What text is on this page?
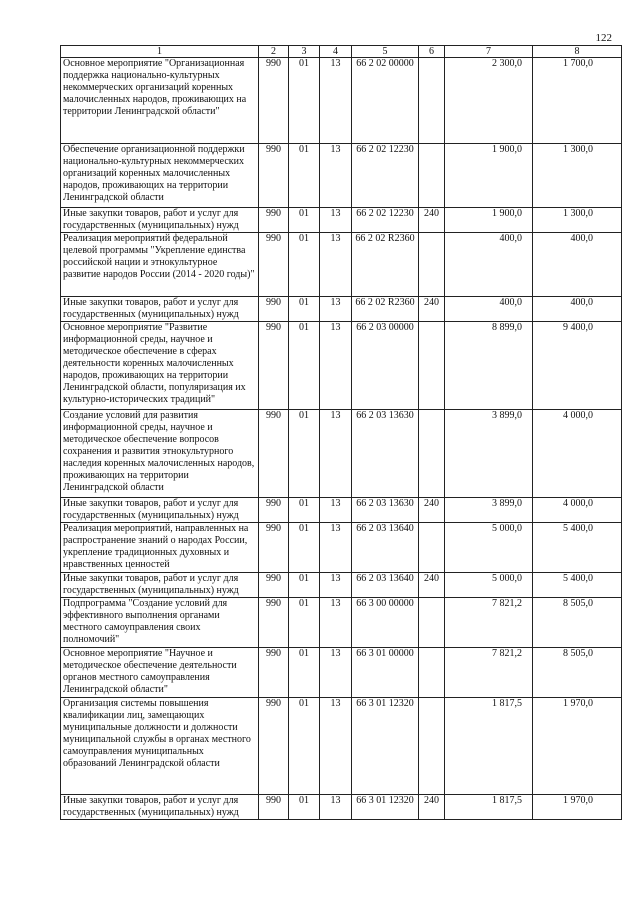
122
1	2	3	4	5	6	7	8
Основное мероприятие "Организационная поддержка национально-культурных некоммерческих организаций коренных малочисленных народов, проживающих на территории Ленинградской области"	990	01	13	66 2 02 00000		2 300,0	1 700,0
Обеспечение организационной поддержки национально-культурных некоммерческих организаций коренных малочисленных народов, проживающих на территории Ленинградской области	990	01	13	66 2 02 12230		1 900,0	1 300,0
Иные закупки товаров, работ и услуг для государственных (муниципальных) нужд	990	01	13	66 2 02 12230	240	1 900,0	1 300,0
Реализация мероприятий федеральной целевой программы "Укрепление единства российской нации и этнокультурное развитие народов России (2014 - 2020 годы)"	990	01	13	66 2 02 R2360		400,0	400,0
Иные закупки товаров, работ и услуг для государственных (муниципальных) нужд	990	01	13	66 2 02 R2360	240	400,0	400,0
Основное мероприятие "Развитие информационной среды, научное и методическое обеспечение в сферах деятельности коренных малочисленных народов, проживающих на территории Ленинградской области, популяризация их культурно-исторических традиций"	990	01	13	66 2 03 00000		8 899,0	9 400,0
Создание условий для развития информационной среды, научное и методическое обеспечение вопросов сохранения и развития этнокультурного наследия коренных малочисленных народов, проживающих на территории Ленинградской области	990	01	13	66 2 03 13630		3 899,0	4 000,0
Иные закупки товаров, работ и услуг для государственных (муниципальных) нужд	990	01	13	66 2 03 13630	240	3 899,0	4 000,0
Реализация мероприятий, направленных на распространение знаний о народах России, укрепление традиционных духовных и нравственных ценностей	990	01	13	66 2 03 13640		5 000,0	5 400,0
Иные закупки товаров, работ и услуг для государственных (муниципальных) нужд	990	01	13	66 2 03 13640	240	5 000,0	5 400,0
Подпрограмма "Создание условий для эффективного выполнения органами местного самоуправления своих полномочий"	990	01	13	66 3 00 00000		7 821,2	8 505,0
Основное мероприятие "Научное и методическое обеспечение деятельности органов местного самоуправления Ленинградской области"	990	01	13	66 3 01 00000		7 821,2	8 505,0
Организация системы повышения квалификации лиц, замещающих муниципальные должности и должности муниципальной службы в органах местного самоуправления муниципальных образований Ленинградской области	990	01	13	66 3 01 12320		1 817,5	1 970,0
Иные закупки товаров, работ и услуг для государственных (муниципальных) нужд	990	01	13	66 3 01 12320	240	1 817,5	1 970,0
